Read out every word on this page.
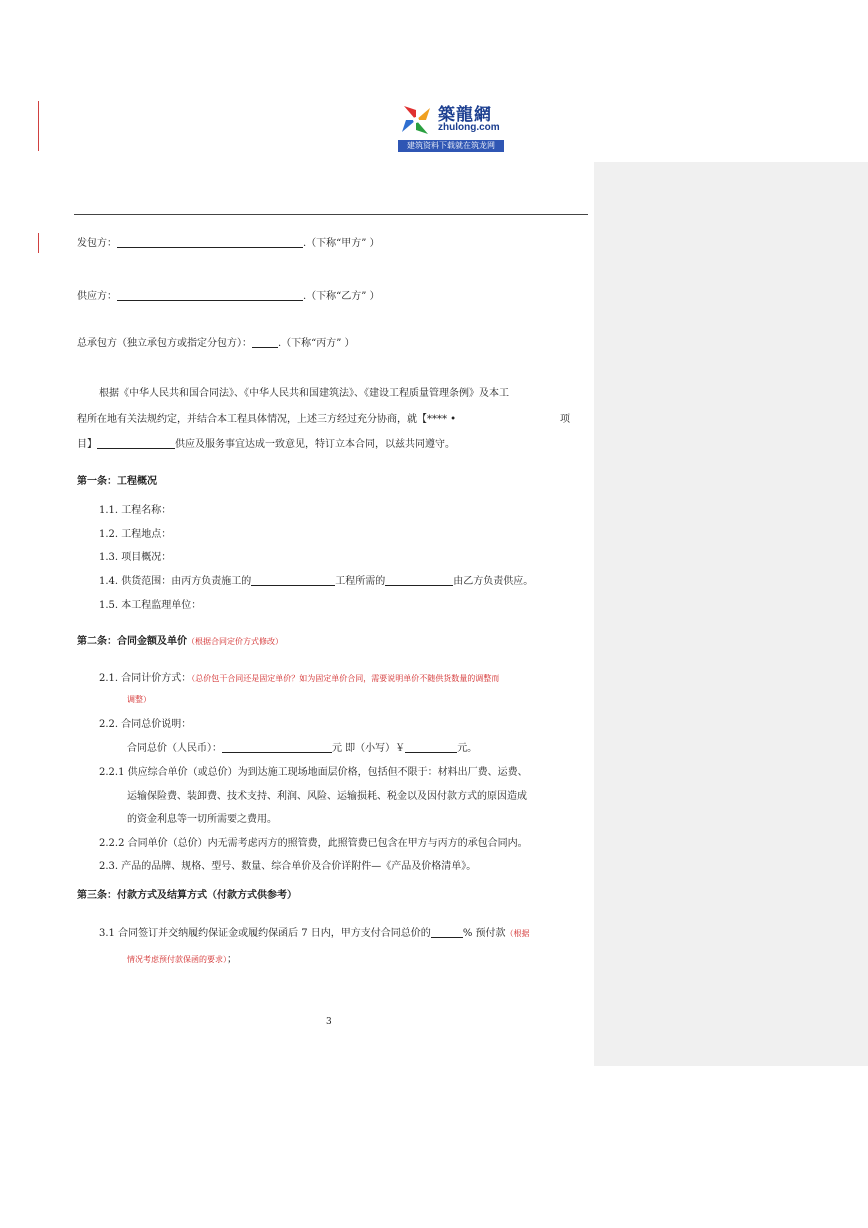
築龍網
zhulong.com
建筑资料下载就在筑龙网
发包方：	.（下称“甲方” ）
供应方：	.（下称“乙方” ）
总承包方（独立承包方或指定分包方）：	.（下称“丙方” ）
根据《中华人民共和国合同法》、《中华人民共和国建筑法》、《建设工程质量管理条例》及本工
程所在地有关法规约定，并结合本工程具体情况，上述三方经过充分协商，就【**** •	项
目】	供应及服务事宜达成一致意见，特订立本合同，以兹共同遵守。
第一条：工程概况
1.1. 工程名称：
1.2. 工程地点：
1.3. 项目概况：
1.4. 供货范围：由丙方负责施工的	工程所需的	由乙方负责供应。
1.5. 本工程监理单位：
第二条：合同金额及单价（根据合同定价方式修改）
2.1. 合同计价方式：（总价包干合同还是固定单价？如为固定单价合同，需要说明单价不随供货数量的调整而
调整）
2.2. 合同总价说明：
合同总价（人民币）：	元 即（小写）￥	元。
2.2.1 供应综合单价（或总价）为到达施工现场地面层价格，包括但不限于：材料出厂费、运费、
运输保险费、装卸费、技术支持、利润、风险、运输损耗、税金以及因付款方式的原因造成
的资金利息等一切所需要之费用。
2.2.2 合同单价（总价）内无需考虑丙方的照管费，此照管费已包含在甲方与丙方的承包合同内。
2.3. 产品的品牌、规格、型号、数量、综合单价及合价详附件—《产品及价格清单》。
第三条：付款方式及结算方式（付款方式供参考）
3.1 合同签订并交纳履约保证金或履约保函后 7 日内，甲方支付合同总价的	% 预付款（根据
情况考虑预付款保函的要求）；
3
